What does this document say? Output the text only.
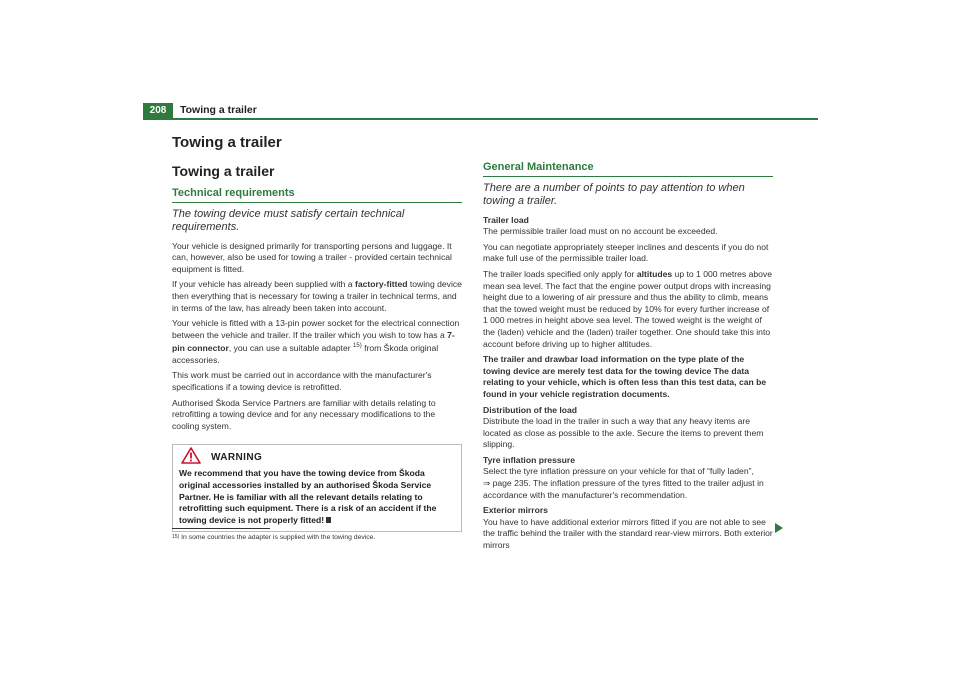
208	Towing a trailer
Towing a trailer
Towing a trailer
Technical requirements
The towing device must satisfy certain technical requirements.

Your vehicle is designed primarily for transporting persons and luggage. It can, however, also be used for towing a trailer - provided certain technical equipment is fitted.

If your vehicle has already been supplied with a factory-fitted towing device then everything that is necessary for towing a trailer in technical terms, and in terms of the law, has already been taken into account.

Your vehicle is fitted with a 13-pin power socket for the electrical connection between the vehicle and trailer. If the trailer which you wish to tow has a 7-pin connector, you can use a suitable adapter $^{15)}$ from Škoda original accessories.

This work must be carried out in accordance with the manufacturer's specifications if a towing device is retrofitted.

Authorised Škoda Service Partners are familiar with details relating to retrofitting a towing device and for any necessary modifications to the cooling system.

WARNING
We recommend that you have the towing device from Škoda original accessories installed by an authorised Škoda Service Partner. He is familiar with all the relevant details relating to retrofitting such equipment. There is a risk of an accident if the towing device is not properly fitted!
$^{15)}$ In some countries the adapter is supplied with the towing device.
General Maintenance
There are a number of points to pay attention to when towing a trailer.

Trailer load

The permissible trailer load must on no account be exceeded.

You can negotiate appropriately steeper inclines and descents if you do not make full use of the permissible trailer load.

The trailer loads specified only apply for altitudes up to 1 000 metres above mean sea level. The fact that the engine power output drops with increasing height due to a lowering of air pressure and thus the ability to climb, means that the towed weight must be reduced by 10% for every further increase of 1 000 metres in height above sea level. The towed weight is the weight of the (laden) vehicle and the (laden) trailer together. One should take this into account before driving up to higher altitudes.

The trailer and drawbar load information on the type plate of the towing device are merely test data for the towing device The data relating to your vehicle, which is often less than this test data, can be found in your vehicle registration documents.

Distribution of the load

Distribute the load in the trailer in such a way that any heavy items are located as close as possible to the axle. Secure the items to prevent them slipping.

Tyre inflation pressure

Select the tyre inflation pressure on your vehicle for that of “fully laden”,
⇒ page 235. The inflation pressure of the tyres fitted to the trailer adjust in accordance with the manufacturer's recommendation.

Exterior mirrors

You have to have additional exterior mirrors fitted if you are not able to see the traffic behind the trailer with the standard rear-view mirrors. Both exterior mirrors
